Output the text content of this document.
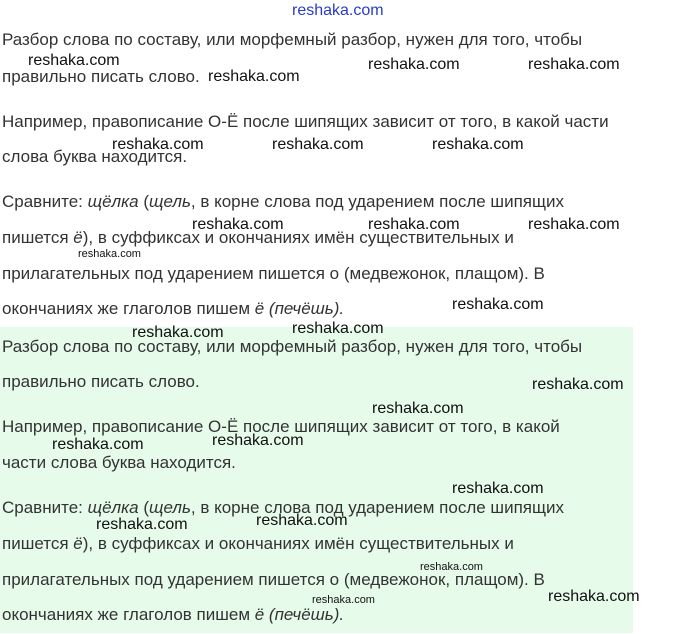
reshaka.com

Разбор слова по составу, или морфемный разбор, нужен для того, чтобы

правильно писать слово.

Например, правописание О-Ё после шипящих зависит от того, в какой части

слова буква находится.

Сравните: щёлка (щель, в корне слова под ударением после шипящих

пишется ё), в суффиксах и окончаниях имён существительных и

прилагательных под ударением пишется о (медвежонок, плащом). В

окончаниях же глаголов пишем ё (печёшь).

Разбор слова по составу, или морфемный разбор, нужен для того, чтобы

правильно писать слово.

Например, правописание О-Ё после шипящих зависит от того, в какой

части слова буква находится.

Сравните: щёлка (щель, в корне слова под ударением после шипящих

пишется ё), в суффиксах и окончаниях имён существительных и

прилагательных под ударением пишется о (медвежонок, плащом). В

окончаниях же глаголов пишем ё (печёшь).

reshaka.com
reshaka.com
reshaka.com	reshaka.com
reshaka.com	reshaka.com	reshaka.com
reshaka.com	reshaka.com	reshaka.com
reshaka.com
reshaka.com
reshaka.com	reshaka.com
reshaka.com
reshaka.com
reshaka.com
reshaka.com
reshaka.com
reshaka.com
reshaka.com
reshaka.com
reshaka.com
reshaka.com
